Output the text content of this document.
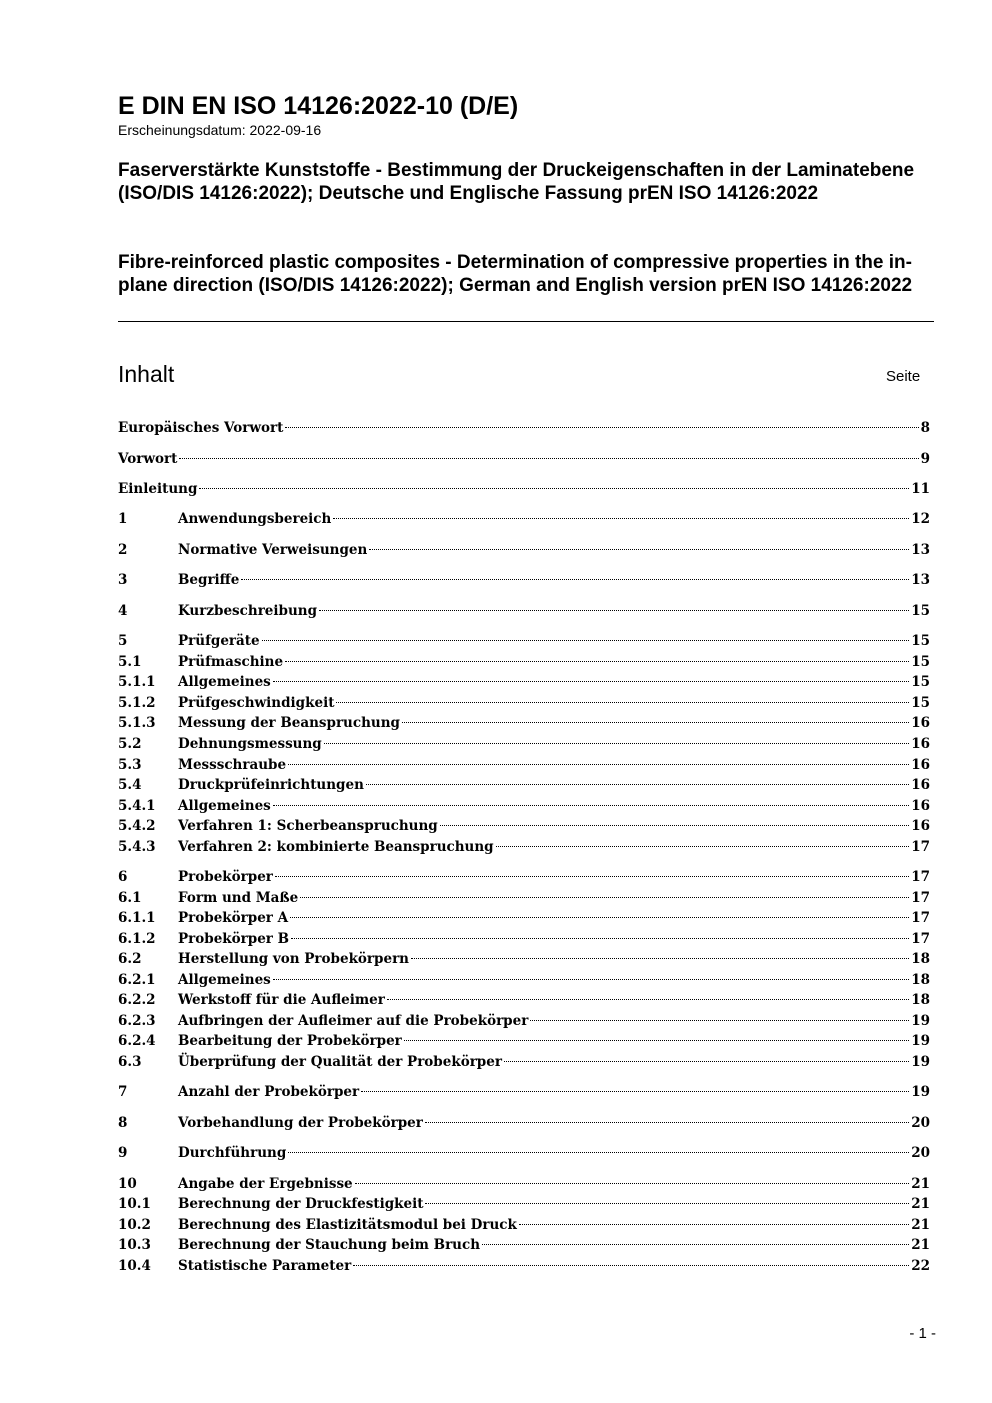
E DIN EN ISO 14126:2022-10 (D/E)
Erscheinungsdatum: 2022-09-16
Faserverstärkte Kunststoffe - Bestimmung der Druckeigenschaften in der Laminatebene (ISO/DIS 14126:2022); Deutsche und Englische Fassung prEN ISO 14126:2022
Fibre-reinforced plastic composites - Determination of compressive properties in the in-plane direction (ISO/DIS 14126:2022); German and English version prEN ISO 14126:2022
Inhalt	Seite
Europäisches Vorwort	8
Vorwort	9
Einleitung	11
1	Anwendungsbereich	12
2	Normative Verweisungen	13
3	Begriffe	13
4	Kurzbeschreibung	15
5	Prüfgeräte	15
5.1	Prüfmaschine	15
5.1.1	Allgemeines	15
5.1.2	Prüfgeschwindigkeit	15
5.1.3	Messung der Beanspruchung	16
5.2	Dehnungsmessung	16
5.3	Messschraube	16
5.4	Druckprüfeinrichtungen	16
5.4.1	Allgemeines	16
5.4.2	Verfahren 1: Scherbeanspruchung	16
5.4.3	Verfahren 2: kombinierte Beanspruchung	17
6	Probekörper	17
6.1	Form und Maße	17
6.1.1	Probekörper A	17
6.1.2	Probekörper B	17
6.2	Herstellung von Probekörpern	18
6.2.1	Allgemeines	18
6.2.2	Werkstoff für die Aufleimer	18
6.2.3	Aufbringen der Aufleimer auf die Probekörper	19
6.2.4	Bearbeitung der Probekörper	19
6.3	Überprüfung der Qualität der Probekörper	19
7	Anzahl der Probekörper	19
8	Vorbehandlung der Probekörper	20
9	Durchführung	20
10	Angabe der Ergebnisse	21
10.1	Berechnung der Druckfestigkeit	21
10.2	Berechnung des Elastizitätsmodul bei Druck	21
10.3	Berechnung der Stauchung beim Bruch	21
10.4	Statistische Parameter	22
- 1 -
